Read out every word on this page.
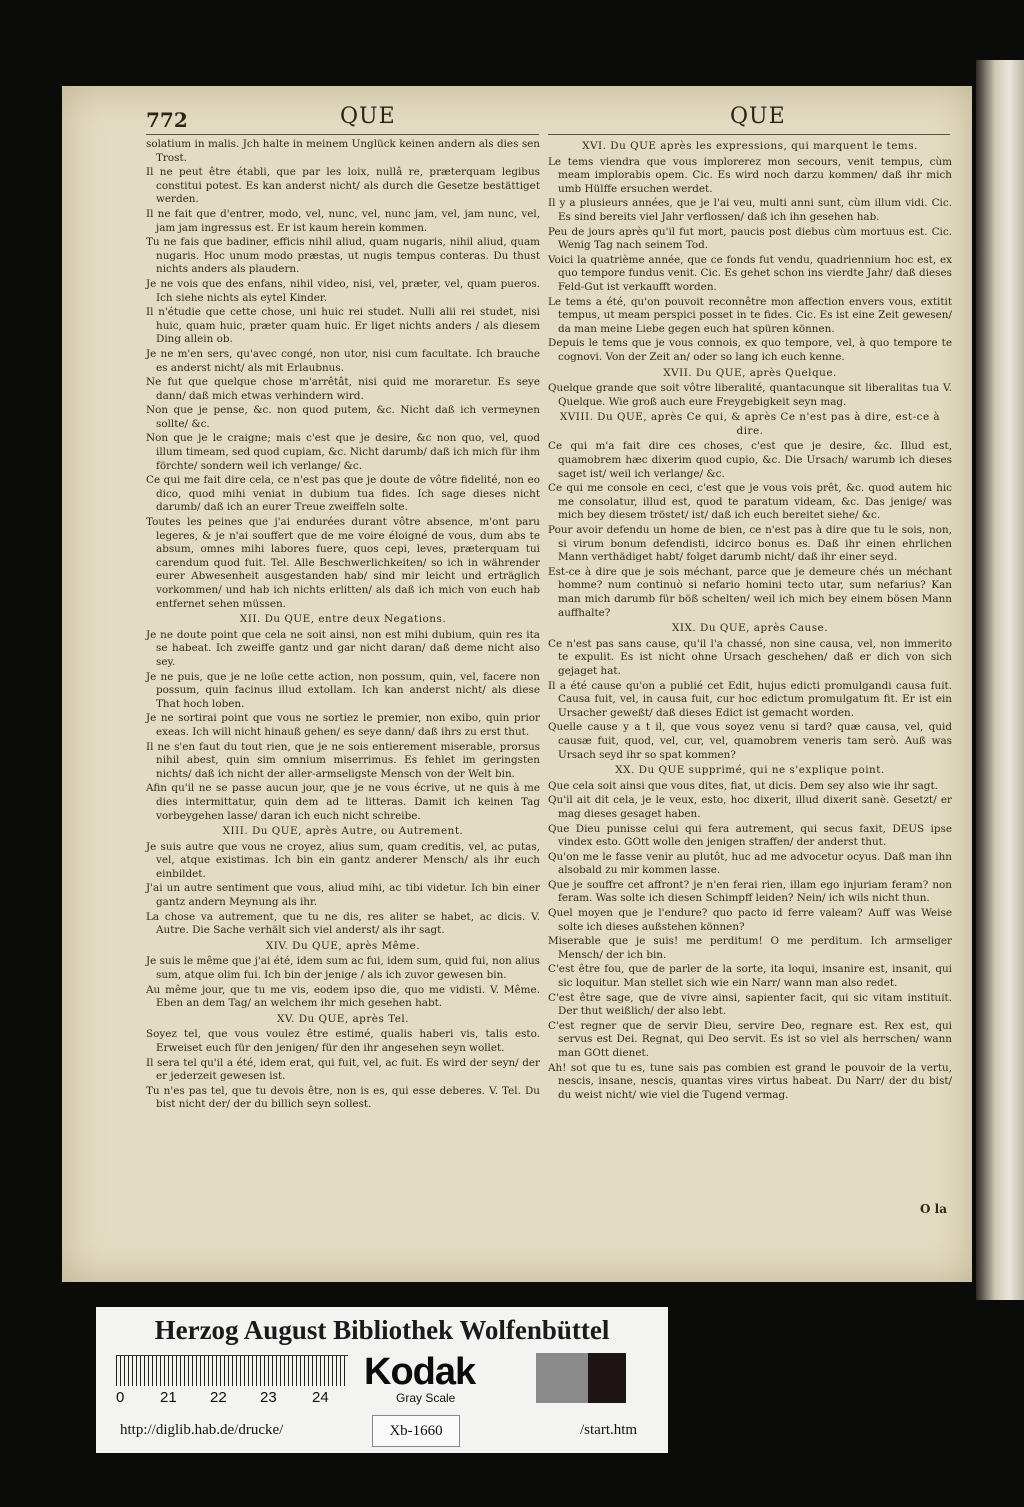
772	QUE	QUE

solatium in malis. Jch halte in meinem Unglück keinen andern als dies sen Trost.

Il ne peut être établi, que par les loix, nullâ re, præterquam legibus constitui potest. Es kan anderst nicht/ als durch die Gesetze bestättiget werden.

Il ne fait que d'entrer, modo, vel, nunc, vel, nunc jam, vel, jam nunc, vel, jam jam ingressus est. Er ist kaum herein kommen.

Tu ne fais que badiner, efficis nihil aliud, quam nugaris, nihil aliud, quam nugaris. Hoc unum modo præstas, ut nugis tempus conteras. Du thust nichts anders als plaudern.

Je ne vois que des enfans, nihil video, nisi, vel, præter, vel, quam pueros. Ich siehe nichts als eytel Kinder.

Il n'étudie que cette chose, uni huic rei studet. Nulli alii rei studet, nisi huic, quam huic, præter quam huic. Er liget nichts anders / als diesem Ding allein ob.

Je ne m'en sers, qu'avec congé, non utor, nisi cum facultate. Ich brauche es anderst nicht/ als mit Erlaubnus.

Ne fut que quelque chose m'arrêtât, nisi quid me moraretur. Es seye dann/ daß mich etwas verhindern wird.

Non que je pense, &c. non quod putem, &c. Nicht daß ich vermeynen sollte/ &c.

Non que je le craigne; mais c'est que je desire, &c non quo, vel, quod illum timeam, sed quod cupiam, &c. Nicht darumb/ daß ich mich für ihm förchte/ sondern weil ich verlange/ &c.

Ce qui me fait dire cela, ce n'est pas que je doute de vôtre fidelité, non eo dico, quod mihi veniat in dubium tua fides. Ich sage dieses nicht darumb/ daß ich an eurer Treue zweiffeln solte.

Toutes les peines que j'ai endurées durant vôtre absence, m'ont paru legeres, & je n'ai souffert que de me voire éloigné de vous, dum abs te absum, omnes mihi labores fuere, quos cepi, leves, præterquam tui carendum quod fuit. Tel. Alle Beschwerlichkeiten/ so ich in währender eurer Abwesenheit ausgestanden hab/ sind mir leicht und erträglich vorkommen/ und hab ich nichts erlitten/ als daß ich mich von euch hab entfernet sehen müssen.

XII. Du QUE, entre deux Negations.

Je ne doute point que cela ne soit ainsi, non est mihi dubium, quin res ita se habeat. Ich zweiffe gantz und gar nicht daran/ daß deme nicht also sey.

Je ne puis, que je ne loüe cette action, non possum, quin, vel, facere non possum, quin facinus illud extollam. Ich kan anderst nicht/ als diese That hoch loben.

Je ne sortirai point que vous ne sortiez le premier, non exibo, quin prior exeas. Ich will nicht hinauß gehen/ es seye dann/ daß ihrs zu erst thut.

Il ne s'en faut du tout rien, que je ne sois entierement miserable, prorsus nihil abest, quin sim omnium miserrimus. Es fehlet im geringsten nichts/ daß ich nicht der aller-armseligste Mensch von der Welt bin.

Afin qu'il ne se passe aucun jour, que je ne vous écrive, ut ne quis à me dies intermittatur, quin dem ad te litteras. Damit ich keinen Tag vorbeygehen lasse/ daran ich euch nicht schreibe.

XIII. Du QUE, après Autre, ou Autrement.

Je suis autre que vous ne croyez, alius sum, quam creditis, vel, ac putas, vel, atque existimas. Ich bin ein gantz anderer Mensch/ als ihr euch einbildet.

J'ai un autre sentiment que vous, aliud mihi, ac tibi videtur. Ich bin einer gantz andern Meynung als ihr.

La chose va autrement, que tu ne dis, res aliter se habet, ac dicis. V. Autre. Die Sache verhält sich viel anderst/ als ihr sagt.

XIV. Du QUE, après Même.

Je suis le même que j'ai été, idem sum ac fui, idem sum, quid fui, non alius sum, atque olim fui. Ich bin der jenige / als ich zuvor gewesen bin.

Au même jour, que tu me vis, eodem ipso die, quo me vidisti. V. Même. Eben an dem Tag/ an welchem ihr mich gesehen habt.

XV. Du QUE, après Tel.

Soyez tel, que vous voulez être estimé, qualis haberi vis, talis esto. Erweiset euch für den jenigen/ für den ihr angesehen seyn wollet.

Il sera tel qu'il a été, idem erat, qui fuit, vel, ac fuit. Es wird der seyn/ der er jederzeit gewesen ist.

Tu n'es pas tel, que tu devois être, non is es, qui esse deberes. V. Tel. Du bist nicht der/ der du billich seyn sollest.

XVI. Du QUE après les expressions, qui marquent le tems.

Le tems viendra que vous implorerez mon secours, venit tempus, cùm meam implorabis opem. Cic. Es wird noch darzu kommen/ daß ihr mich umb Hülffe ersuchen werdet.

Il y a plusieurs années, que je l'ai veu, multi anni sunt, cùm illum vidi. Cic. Es sind bereits viel Jahr verflossen/ daß ich ihn gesehen hab.

Peu de jours après qu'il fut mort, paucis post diebus cùm mortuus est. Cic. Wenig Tag nach seinem Tod.

Voici la quatrième année, que ce fonds fut vendu, quadriennium hoc est, ex quo tempore fundus venit. Cic. Es gehet schon ins vierdte Jahr/ daß dieses Feld-Gut ist verkaufft worden.

Le tems a été, qu'on pouvoit reconnêtre mon affection envers vous, extitit tempus, ut meam perspici posset in te fides. Cic. Es ist eine Zeit gewesen/ da man meine Liebe gegen euch hat spüren können.

Depuis le tems que je vous connois, ex quo tempore, vel, à quo tempore te cognovi. Von der Zeit an/ oder so lang ich euch kenne.

XVII. Du QUE, après Quelque.

Quelque grande que soit vôtre liberalité, quantacunque sit liberalitas tua V. Quelque. Wie groß auch eure Freygebigkeit seyn mag.

XVIII. Du QUE, après Ce qui, & après Ce n'est pas à dire, est-ce à dire.

Ce qui m'a fait dire ces choses, c'est que je desire, &c. Illud est, quamobrem hæc dixerim quod cupio, &c. Die Ursach/ warumb ich dieses saget ist/ weil ich verlange/ &c.

Ce qui me console en ceci, c'est que je vous vois prêt, &c. quod autem hic me consolatur, illud est, quod te paratum videam, &c. Das jenige/ was mich bey diesem tröstet/ ist/ daß ich euch bereitet siehe/ &c.

Pour avoir defendu un home de bien, ce n'est pas à dire que tu le sois, non, si virum bonum defendisti, idcirco bonus es. Daß ihr einen ehrlichen Mann verthädiget habt/ folget darumb nicht/ daß ihr einer seyd.

Est-ce à dire que je sois méchant, parce que je demeure chés un méchant homme? num continuò si nefario homini tecto utar, sum nefarius? Kan man mich darumb für böß schelten/ weil ich mich bey einem bösen Mann auffhalte?

XIX. Du QUE, après Cause.

Ce n'est pas sans cause, qu'il l'a chassé, non sine causa, vel, non immerito te expulit. Es ist nicht ohne Ursach geschehen/ daß er dich von sich gejaget hat.

Il a été cause qu'on a publié cet Edit, hujus edicti promulgandi causa fuit. Causa fuit, vel, in causa fuit, cur hoc edictum promulgatum fit. Er ist ein Ursacher geweßt/ daß dieses Edict ist gemacht worden.

Quelle cause y a t il, que vous soyez venu si tard? quæ causa, vel, quid causæ fuit, quod, vel, cur, vel, quamobrem veneris tam serò. Auß was Ursach seyd ihr so spat kommen?

XX. Du QUE supprimé, qui ne s'explique point.

Que cela soit ainsi que vous dites, fiat, ut dicis. Dem sey also wie ihr sagt.

Qu'il ait dit cela, je le veux, esto, hoc dixerit, illud dixerit sanè. Gesetzt/ er mag dieses gesaget haben.

Que Dieu punisse celui qui fera autrement, qui secus faxit, DEUS ipse vindex esto. GOtt wolle den jenigen straffen/ der anderst thut.

Qu'on me le fasse venir au plutôt, huc ad me advocetur ocyus. Daß man ihn alsobald zu mir kommen lasse.

Que je souffre cet affront? je n'en ferai rien, illam ego injuriam feram? non feram. Was solte ich diesen Schimpff leiden? Nein/ ich wils nicht thun.

Quel moyen que je l'endure? quo pacto id ferre valeam? Auff was Weise solte ich dieses außstehen können?

Miserable que je suis! me perditum! O me perditum. Ich armseliger Mensch/ der ich bin.

C'est être fou, que de parler de la sorte, ita loqui, insanire est, insanit, qui sic loquitur. Man stellet sich wie ein Narr/ wann man also redet.

C'est être sage, que de vivre ainsi, sapienter facit, qui sic vitam instituit. Der thut weißlich/ der also lebt.

C'est regner que de servir Dieu, servire Deo, regnare est. Rex est, qui servus est Dei. Regnat, qui Deo servit. Es ist so viel als herrschen/ wann man GOtt dienet.

Ah! sot que tu es, tune sais pas combien est grand le pouvoir de la vertu, nescis, insane, nescis, quantas vires virtus habeat. Du Narr/ der du bist/ du weist nicht/ wie viel die Tugend vermag.

O la
Herzog August Bibliothek Wolfenbüttel
0 21 22 23 24
Kodak
Gray Scale
http://diglib.hab.de/drucke/	Xb-1660	/start.htm
